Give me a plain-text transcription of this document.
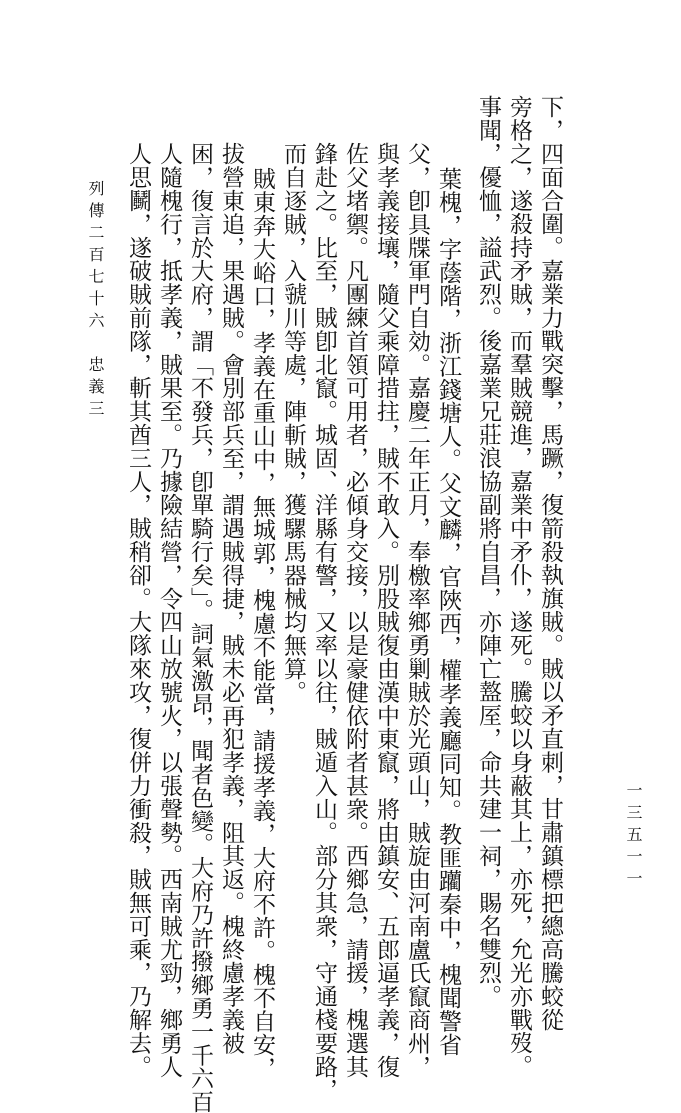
一三五一一
下，四面合圍。嘉業力戰突擊，馬蹶，復箭殺執旗賊。賊以矛直刺，甘肅鎮標把總高騰蛟從
旁格之，遂殺持矛賊，而羣賊競進，嘉業中矛仆，遂死。騰蛟以身蔽其上，亦死，允光亦戰歿。
事聞，優恤，謚武烈。後嘉業兄莊浪協副將自昌，亦陣亡盩厔，命共建一祠，賜名雙烈。
葉槐，字蔭階，浙江錢塘人。父文麟，官陜西，權孝義廳同知。教匪躪秦中，槐聞警省
父，卽具牒軍門自効。嘉慶二年正月，奉檄率鄉勇剿賊於光頭山，賊旋由河南盧氏竄商州，
與孝義接壤，隨父乘障措拄，賊不敢入。別股賊復由漢中東竄，將由鎮安、五郎逼孝義，復
佐父堵禦。凡團練首領可用者，必傾身交接，以是豪健依附者甚衆。西鄉急，請援，槐選其
鋒赴之。比至，賊卽北竄。城固、洋縣有警，又率以往，賊遁入山。部分其衆，守通棧要路，
而自逐賊，入虢川等處，陣斬賊，獲騾馬器械均無算。
賊東奔大峪口，孝義在重山中，無城郭，槐慮不能當，請援孝義，大府不許。槐不自安，
拔營東追，果遇賊。會別部兵至，謂遇賊得捷，賊未必再犯孝義，阻其返。槐終慮孝義被
困，復言於大府，謂「不發兵，卽單騎行矣」。詞氣激昂，聞者色變。大府乃許撥鄉勇一千六百
人隨槐行，抵孝義，賊果至。乃據險結營，令四山放號火，以張聲勢。西南賊尤勁，鄉勇人
人思鬭，遂破賊前隊，斬其酋三人，賊稍卻。大隊來攻，復併力衝殺，賊無可乘，乃解去。
列傳二百七十六　忠義三
